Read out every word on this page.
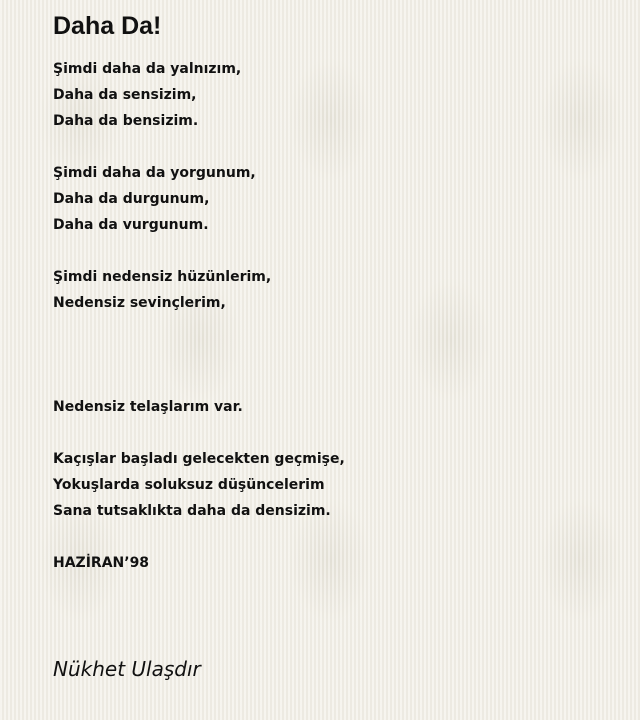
Daha Da!
Şimdi daha da yalnızım,
Daha da sensizim,
Daha da bensizim.
Şimdi daha da yorgunum,
Daha da durgunum,
Daha da vurgunum.
Şimdi nedensiz hüzünlerim,
Nedensiz sevinçlerim,
Nedensiz telaşlarım var.
Kaçışlar başladı gelecekten geçmişe,
Yokuşlarda soluksuz düşüncelerim
Sana tutsaklıkta daha da densizim.
HAZİRAN’98
Nükhet Ulaşdır
